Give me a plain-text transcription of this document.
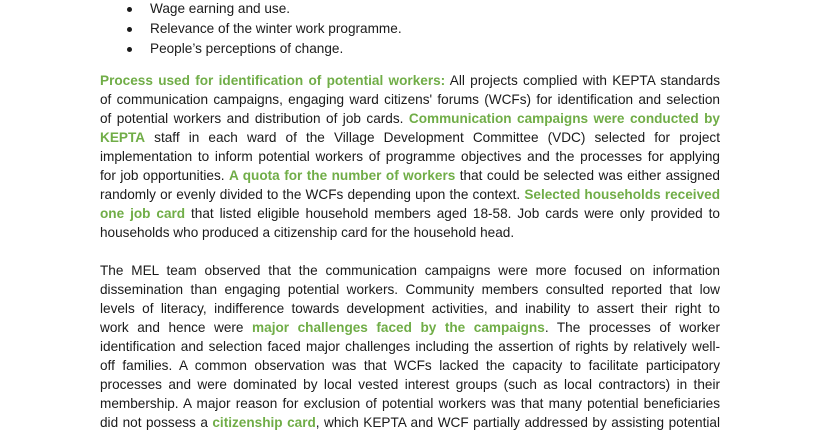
Wage earning and use.
Relevance of the winter work programme.
People’s perceptions of change.

Process used for identification of potential workers: All projects complied with KEPTA standards
of communication campaigns, engaging ward citizens' forums (WCFs) for identification and selection
of potential workers and distribution of job cards. Communication campaigns were conducted by
KEPTA staff in each ward of the Village Development Committee (VDC) selected for project
implementation to inform potential workers of programme objectives and the processes for applying
for job opportunities. A quota for the number of workers that could be selected was either assigned
randomly or evenly divided to the WCFs depending upon the context. Selected households received
one job card that listed eligible household members aged 18-58. Job cards were only provided to
households who produced a citizenship card for the household head.

The MEL team observed that the communication campaigns were more focused on information
dissemination than engaging potential workers. Community members consulted reported that low
levels of literacy, indifference towards development activities, and inability to assert their right to
work and hence were major challenges faced by the campaigns. The processes of worker
identification and selection faced major challenges including the assertion of rights by relatively well-
off families. A common observation was that WCFs lacked the capacity to facilitate participatory
processes and were dominated by local vested interest groups (such as local contractors) in their
membership. A major reason for exclusion of potential workers was that many potential beneficiaries
did not possess a citizenship card, which KEPTA and WCF partially addressed by assisting potential
